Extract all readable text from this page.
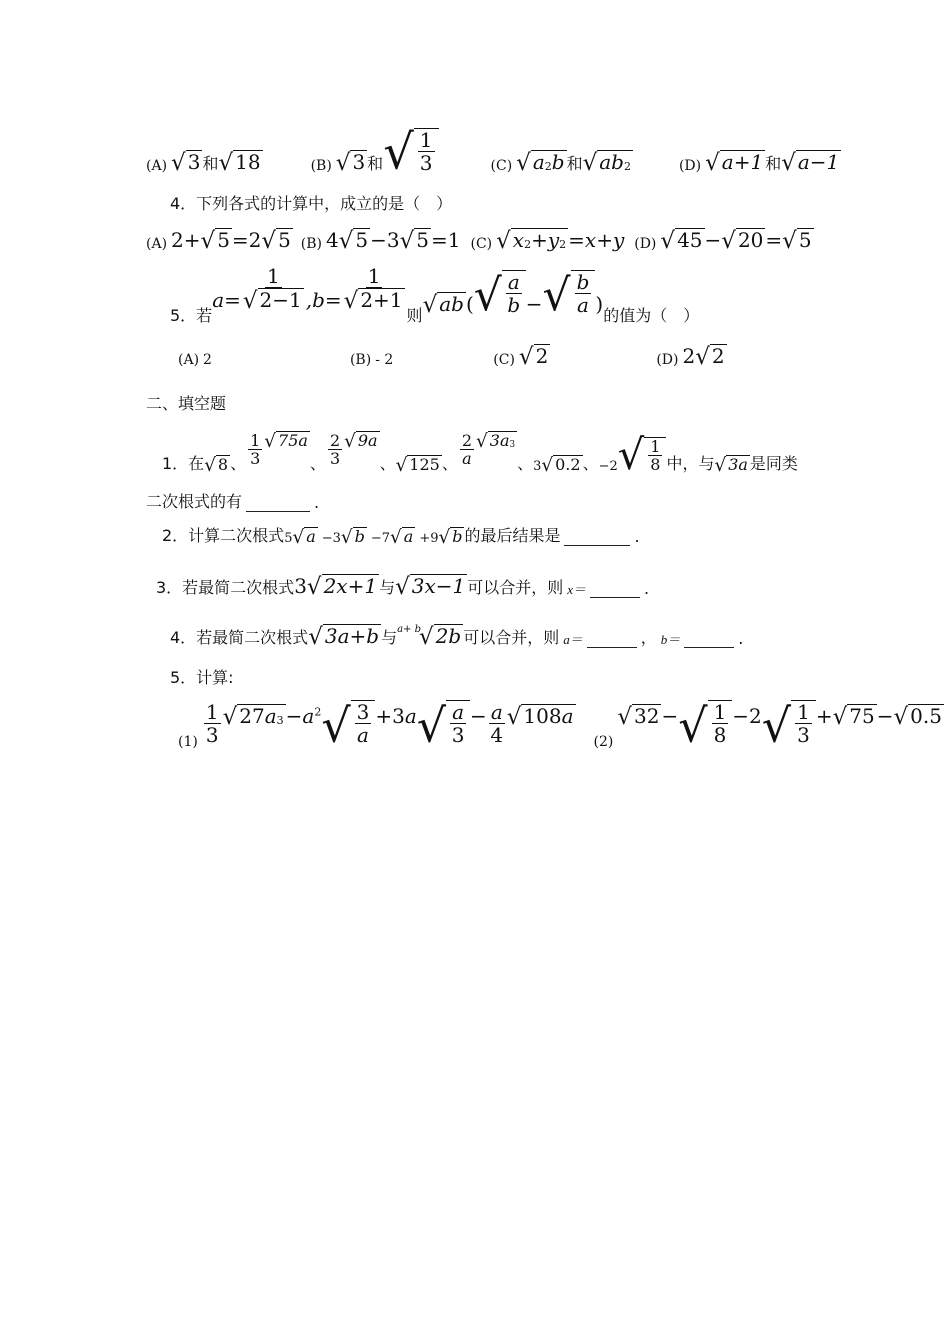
(A) √ 3 和 √ 18	(B) √ 3 和 √ 1
3	(C) √ $a_2$ b 和 √ $ab_2$	(D) √ a+1 和 √ a−1
4．下列各式的计算中，成立的是（　）
(A) 2+ √ 5 =2 √ 5 (B) 4 √ 5 −3 √ 5 =1 (C) √ $x_2 + y_2 =x+y$ (D) √ 45 − √ 20 = √ 5
5．若
$a= \frac{1}{√ 2-1} ,b= \frac{1}{√ 2+1}$
则 √ ab ( √ a
b − √ b
a ) 的值为（　）
(A) 2	(B) - 2	(C) √ 2	(D) 2 √ 2
二、填空题
1．在 √ 8 、
1
3
√ 75a
、
2
3
√ 9a
、 √ 125 、
2
a
√ $3a_3$
、 3 √ 0.2 、 −2 √ 1
8 中，与 √ 3a 是同类
二次根式的有	.
2．计算二次根式 5 √ a −3 √ b −7 √ a +9 √ b 的最后结果是	.
3．若最简二次根式 3 √ 2x+1 与 √ 3x−1 可以合并，则 x＝	.
4．若最简二次根式 √ 3a+b 与 a+ b
√ 2b 可以合并，则 a＝	， b＝	.
5．计算:
(1)
1
3
√ 27 $a_3 -a^2$ √ 3
a
+3a √ a
3
− $\frac{a}{4}$ √ 108 a
(2)
√ 32 − √ 1
8
−2 √ 1
3
+ √ 75 − √ 0.5
